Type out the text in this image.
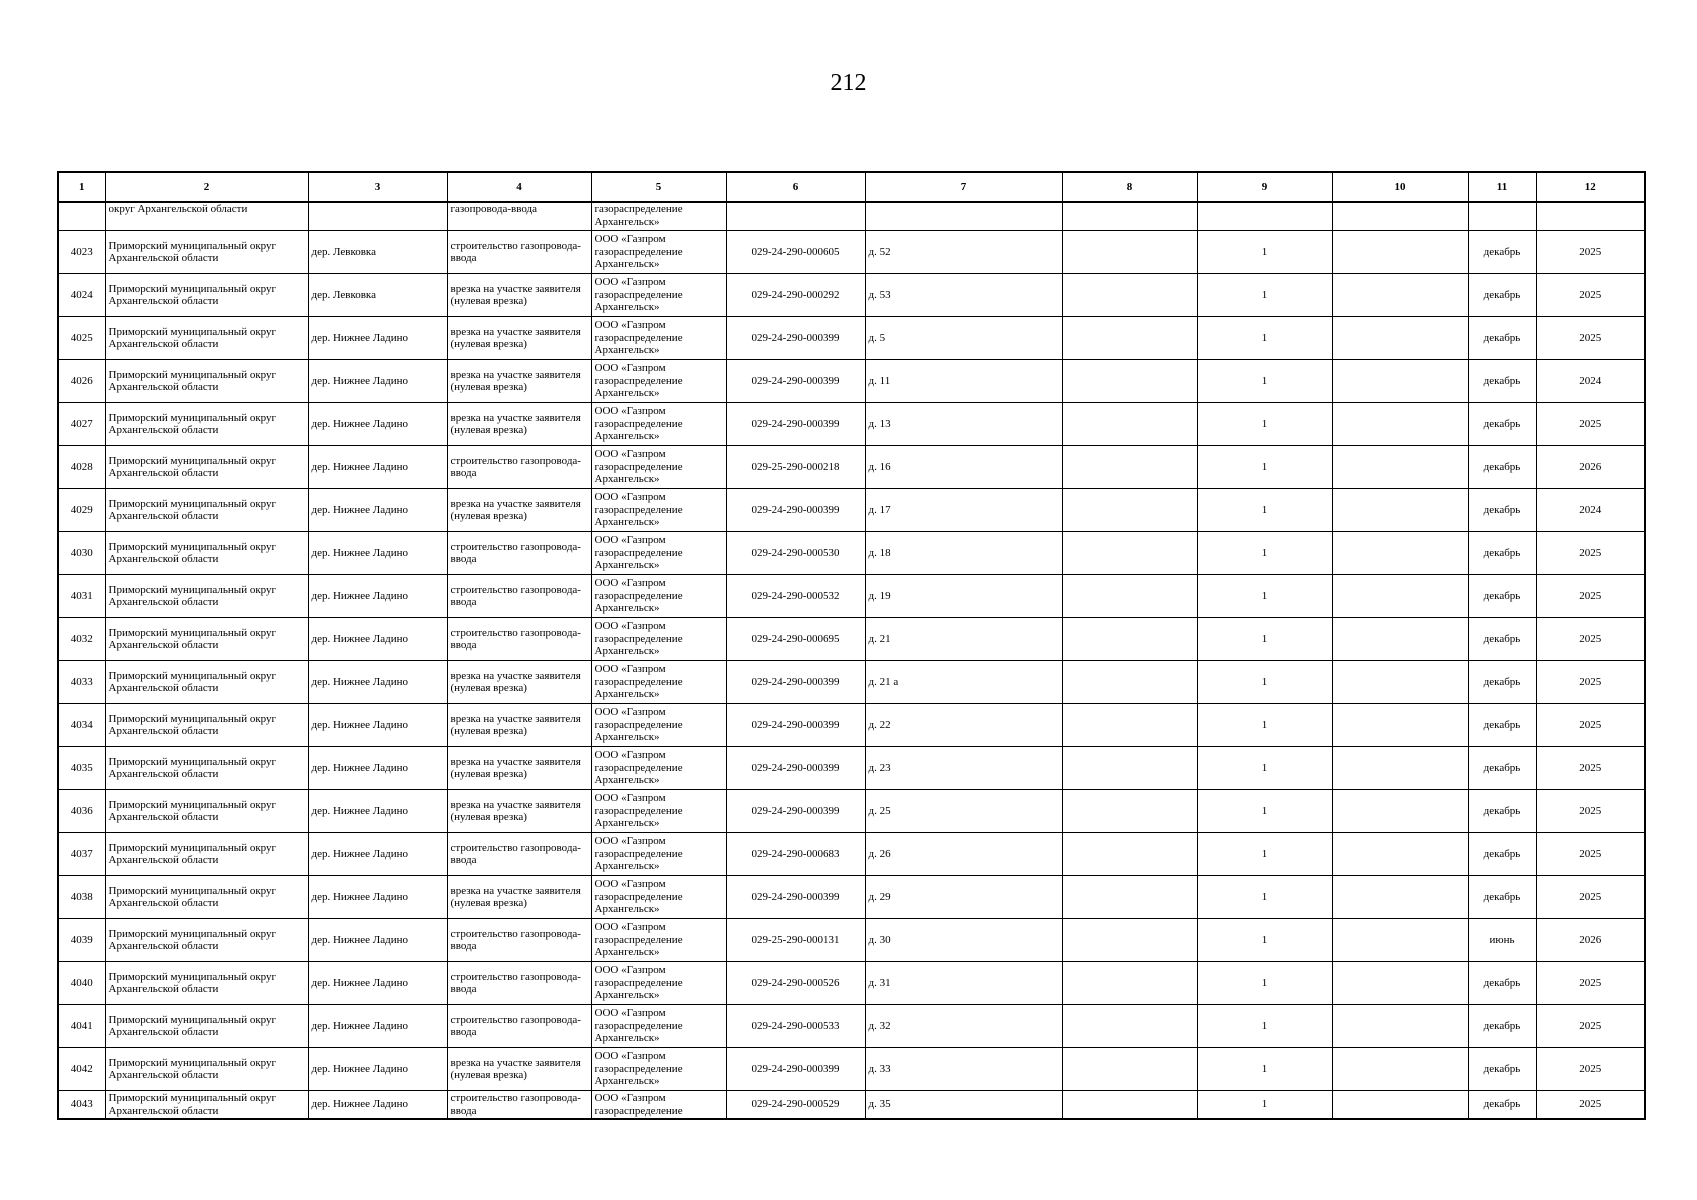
212
1	2	3	4	5	6	7	8	9	10	11	12
	округ Архангельской области		газопровода-ввода	газораспределение Архангельск»							
4023	Приморский муниципальный округ Архангельской области	дер. Левковка	строительство газопровода-ввода	ООО «Газпром газораспределение Архангельск»	029-24-290-000605	д. 52		1		декабрь	2025
4024	Приморский муниципальный округ Архангельской области	дер. Левковка	врезка на участке заявителя (нулевая врезка)	ООО «Газпром газораспределение Архангельск»	029-24-290-000292	д. 53		1		декабрь	2025
4025	Приморский муниципальный округ Архангельской области	дер. Нижнее Ладино	врезка на участке заявителя (нулевая врезка)	ООО «Газпром газораспределение Архангельск»	029-24-290-000399	д. 5		1		декабрь	2025
4026	Приморский муниципальный округ Архангельской области	дер. Нижнее Ладино	врезка на участке заявителя (нулевая врезка)	ООО «Газпром газораспределение Архангельск»	029-24-290-000399	д. 11		1		декабрь	2024
4027	Приморский муниципальный округ Архангельской области	дер. Нижнее Ладино	врезка на участке заявителя (нулевая врезка)	ООО «Газпром газораспределение Архангельск»	029-24-290-000399	д. 13		1		декабрь	2025
4028	Приморский муниципальный округ Архангельской области	дер. Нижнее Ладино	строительство газопровода-ввода	ООО «Газпром газораспределение Архангельск»	029-25-290-000218	д. 16		1		декабрь	2026
4029	Приморский муниципальный округ Архангельской области	дер. Нижнее Ладино	врезка на участке заявителя (нулевая врезка)	ООО «Газпром газораспределение Архангельск»	029-24-290-000399	д. 17		1		декабрь	2024
4030	Приморский муниципальный округ Архангельской области	дер. Нижнее Ладино	строительство газопровода-ввода	ООО «Газпром газораспределение Архангельск»	029-24-290-000530	д. 18		1		декабрь	2025
4031	Приморский муниципальный округ Архангельской области	дер. Нижнее Ладино	строительство газопровода-ввода	ООО «Газпром газораспределение Архангельск»	029-24-290-000532	д. 19		1		декабрь	2025
4032	Приморский муниципальный округ Архангельской области	дер. Нижнее Ладино	строительство газопровода-ввода	ООО «Газпром газораспределение Архангельск»	029-24-290-000695	д. 21		1		декабрь	2025
4033	Приморский муниципальный округ Архангельской области	дер. Нижнее Ладино	врезка на участке заявителя (нулевая врезка)	ООО «Газпром газораспределение Архангельск»	029-24-290-000399	д. 21 а		1		декабрь	2025
4034	Приморский муниципальный округ Архангельской области	дер. Нижнее Ладино	врезка на участке заявителя (нулевая врезка)	ООО «Газпром газораспределение Архангельск»	029-24-290-000399	д. 22		1		декабрь	2025
4035	Приморский муниципальный округ Архангельской области	дер. Нижнее Ладино	врезка на участке заявителя (нулевая врезка)	ООО «Газпром газораспределение Архангельск»	029-24-290-000399	д. 23		1		декабрь	2025
4036	Приморский муниципальный округ Архангельской области	дер. Нижнее Ладино	врезка на участке заявителя (нулевая врезка)	ООО «Газпром газораспределение Архангельск»	029-24-290-000399	д. 25		1		декабрь	2025
4037	Приморский муниципальный округ Архангельской области	дер. Нижнее Ладино	строительство газопровода-ввода	ООО «Газпром газораспределение Архангельск»	029-24-290-000683	д. 26		1		декабрь	2025
4038	Приморский муниципальный округ Архангельской области	дер. Нижнее Ладино	врезка на участке заявителя (нулевая врезка)	ООО «Газпром газораспределение Архангельск»	029-24-290-000399	д. 29		1		декабрь	2025
4039	Приморский муниципальный округ Архангельской области	дер. Нижнее Ладино	строительство газопровода-ввода	ООО «Газпром газораспределение Архангельск»	029-25-290-000131	д. 30		1		июнь	2026
4040	Приморский муниципальный округ Архангельской области	дер. Нижнее Ладино	строительство газопровода-ввода	ООО «Газпром газораспределение Архангельск»	029-24-290-000526	д. 31		1		декабрь	2025
4041	Приморский муниципальный округ Архангельской области	дер. Нижнее Ладино	строительство газопровода-ввода	ООО «Газпром газораспределение Архангельск»	029-24-290-000533	д. 32		1		декабрь	2025
4042	Приморский муниципальный округ Архангельской области	дер. Нижнее Ладино	врезка на участке заявителя (нулевая врезка)	ООО «Газпром газораспределение Архангельск»	029-24-290-000399	д. 33		1		декабрь	2025
4043	Приморский муниципальный округ Архангельской области	дер. Нижнее Ладино	строительство газопровода-ввода	ООО «Газпром газораспределение	029-24-290-000529	д. 35		1		декабрь	2025
